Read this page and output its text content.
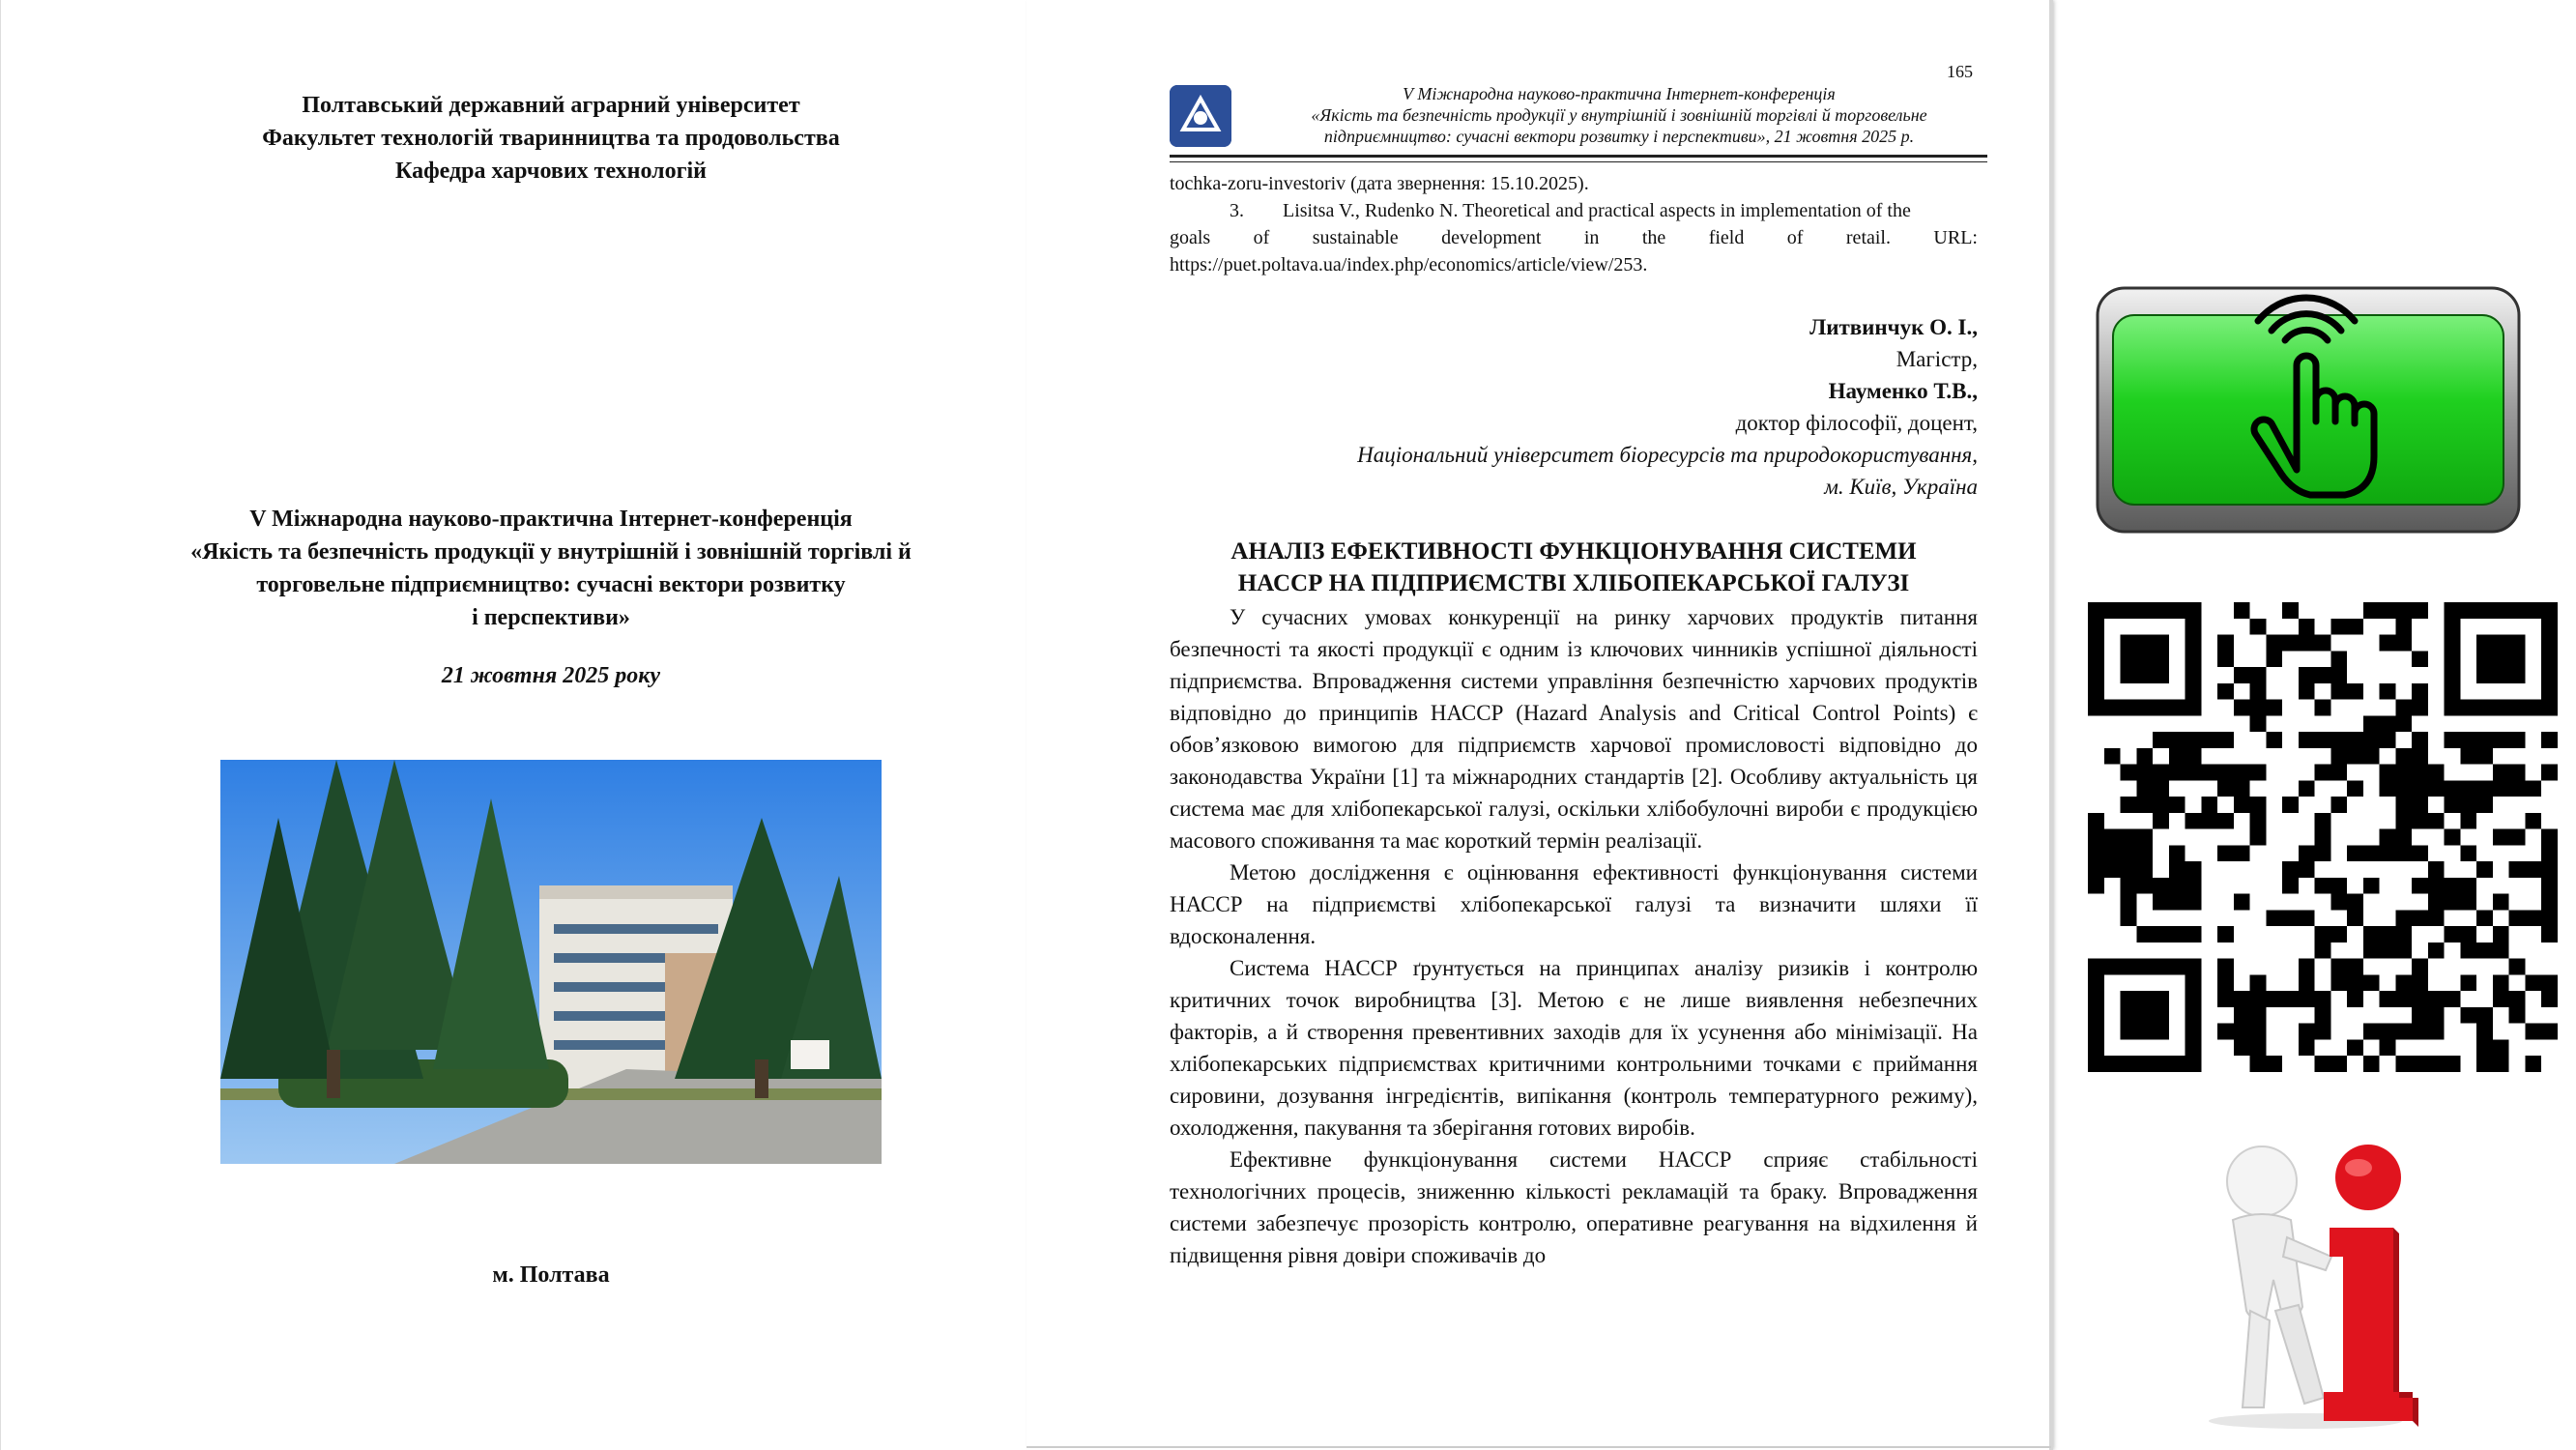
Полтавський державний аграрний університет
Факультет технологій тваринництва та продовольства
Кафедра харчових технологій
V Міжнародна науково-практична Інтернет-конференція
«Якість та безпечність продукції у внутрішній і зовнішній торгівлі й
торговельне підприємництво: сучасні вектори розвитку
і перспективи»
21 жовтня 2025 року
м. Полтава
165
V Міжнародна науково-практична Інтернет-конференція
«Якість та безпечність продукції у внутрішній і зовнішній торгівлі й торговельне
підприємництво: сучасні вектори розвитку і перспективи», 21 жовтня 2025 р.
tochka-zoru-investoriv (дата звернення: 15.10.2025).
3.        Lisitsa V., Rudenko N. Theoretical and practical aspects in implementation of the
goals of sustainable development in the field of retail. URL:
https://puet.poltava.ua/index.php/economics/article/view/253.
Литвинчук О. І.,
Магістр,
Науменко Т.В.,
доктор філософії, доцент,
Національний університет біоресурсів та природокористування,
м. Київ, Україна
АНАЛІЗ ЕФЕКТИВНОСТІ ФУНКЦІОНУВАННЯ СИСТЕМИ
НАССР НА ПІДПРИЄМСТВІ ХЛІБОПЕКАРСЬКОЇ ГАЛУЗІ

У сучасних умовах конкуренції на ринку харчових продуктів питання безпечності та якості продукції є одним із ключових чинників успішної діяльності підприємства. Впровадження системи управління безпечністю харчових продуктів відповідно до принципів НАССР (Hazard Analysis and Critical Control Points) є обов’язковою вимогою для підприємств харчової промисловості відповідно до законодавства України [1] та міжнародних стандартів [2]. Особливу актуальність ця система має для хлібопекарської галузі, оскільки хлібобулочні вироби є продукцією масового споживання та має короткий термін реалізації.

Метою дослідження є оцінювання ефективності функціонування системи НАССР на підприємстві хлібопекарської галузі та визначити шляхи її вдосконалення.

Система НАССР ґрунтується на принципах аналізу ризиків і контролю критичних точок виробництва [3]. Метою є не лише виявлення небезпечних факторів, а й створення превентивних заходів для їх усунення або мінімізації. На хлібопекарських підприємствах критичними контрольними точками є приймання сировини, дозування інгредієнтів, випікання (контроль температурного режиму), охолодження, пакування та зберігання готових виробів.

Ефективне функціонування системи НАССР сприяє стабільності технологічних процесів, зниженню кількості рекламацій та браку. Впровадження системи забезпечує прозорість контролю, оперативне реагування на відхилення й підвищення рівня довіри споживачів до
